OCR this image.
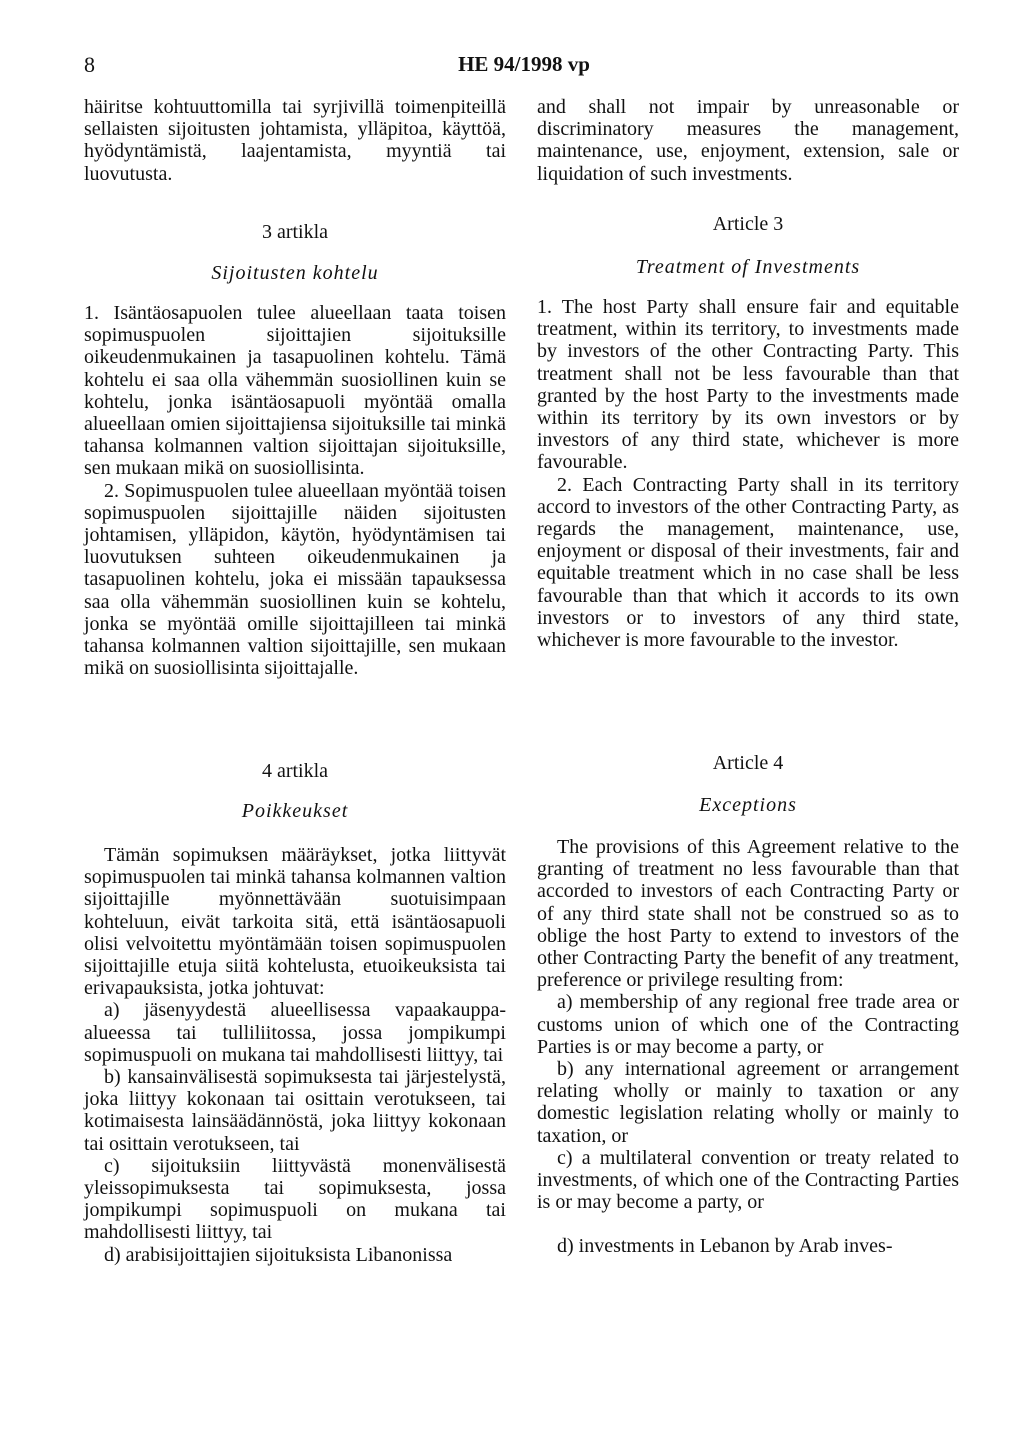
8	HE 94/1998 vp

häiritse kohtuuttomilla tai syrjivillä toimenpiteillä sellaisten sijoitusten johtamista, ylläpitoa, käyttöä, hyödyntämistä, laajentamista, myyntiä tai luovutusta.

3 artikla
Sijoitusten kohtelu

1. Isäntäosapuolen tulee alueellaan taata toisen sopimuspuolen sijoittajien sijoituksille oikeudenmukainen ja tasapuolinen kohtelu. Tämä kohtelu ei saa olla vähemmän suosiollinen kuin se kohtelu, jonka isäntäosapuoli myöntää omalla alueellaan omien sijoittajiensa sijoituksille tai minkä tahansa kolmannen valtion sijoittajan sijoituksille, sen mukaan mikä on suosiollisinta.

2. Sopimuspuolen tulee alueellaan myöntää toisen sopimuspuolen sijoittajille näiden sijoitusten johtamisen, ylläpidon, käytön, hyödyntämisen tai luovutuksen suhteen oikeudenmukainen ja tasapuolinen kohtelu, joka ei missään tapauksessa saa olla vähemmän suosiollinen kuin se kohtelu, jonka se myöntää omille sijoittajilleen tai minkä tahansa kolmannen valtion sijoittajille, sen mukaan mikä on suosiollisinta sijoittajalle.

4 artikla
Poikkeukset

Tämän sopimuksen määräykset, jotka liittyvät sopimuspuolen tai minkä tahansa kolmannen valtion sijoittajille myönnettävään suotuisimpaan kohteluun, eivät tarkoita sitä, että isäntäosapuoli olisi velvoitettu myöntämään toisen sopimuspuolen sijoittajille etuja siitä kohtelusta, etuoikeuksista tai erivapauksista, jotka johtuvat:

a) jäsenyydestä alueellisessa vapaakauppa-alueessa tai tulliliitossa, jossa jompikumpi sopimuspuoli on mukana tai mahdollisesti liittyy, tai

b) kansainvälisestä sopimuksesta tai järjestelystä, joka liittyy kokonaan tai osittain verotukseen, tai kotimaisesta lainsäädännöstä, joka liittyy kokonaan tai osittain verotukseen, tai

c) sijoituksiin liittyvästä monenvälisestä yleissopimuksesta tai sopimuksesta, jossa jompikumpi sopimuspuoli on mukana tai mahdollisesti liittyy, tai

d) arabisijoittajien sijoituksista Libanonissa

and shall not impair by unreasonable or discriminatory measures the management, maintenance, use, enjoyment, extension, sale or liquidation of such investments.

Article 3
Treatment of Investments

1. The host Party shall ensure fair and equitable treatment, within its territory, to investments made by investors of the other Contracting Party. This treatment shall not be less favourable than that granted by the host Party to the investments made within its territory by its own investors or by investors of any third state, whichever is more favourable.

2. Each Contracting Party shall in its territory accord to investors of the other Contracting Party, as regards the management, maintenance, use, enjoyment or disposal of their investments, fair and equitable treatment which in no case shall be less favourable than that which it accords to its own investors or to investors of any third state, whichever is more favourable to the investor.

Article 4
Exceptions

The provisions of this Agreement relative to the granting of treatment no less favourable than that accorded to investors of each Contracting Party or of any third state shall not be construed so as to oblige the host Party to extend to investors of the other Contracting Party the benefit of any treatment, preference or privilege resulting from:

a) membership of any regional free trade area or customs union of which one of the Contracting Parties is or may become a party, or

b) any international agreement or arrangement relating wholly or mainly to taxation or any domestic legislation relating wholly or mainly to taxation, or

c) a multilateral convention or treaty related to investments, of which one of the Contracting Parties is or may become a party, or

d) investments in Lebanon by Arab inves-
